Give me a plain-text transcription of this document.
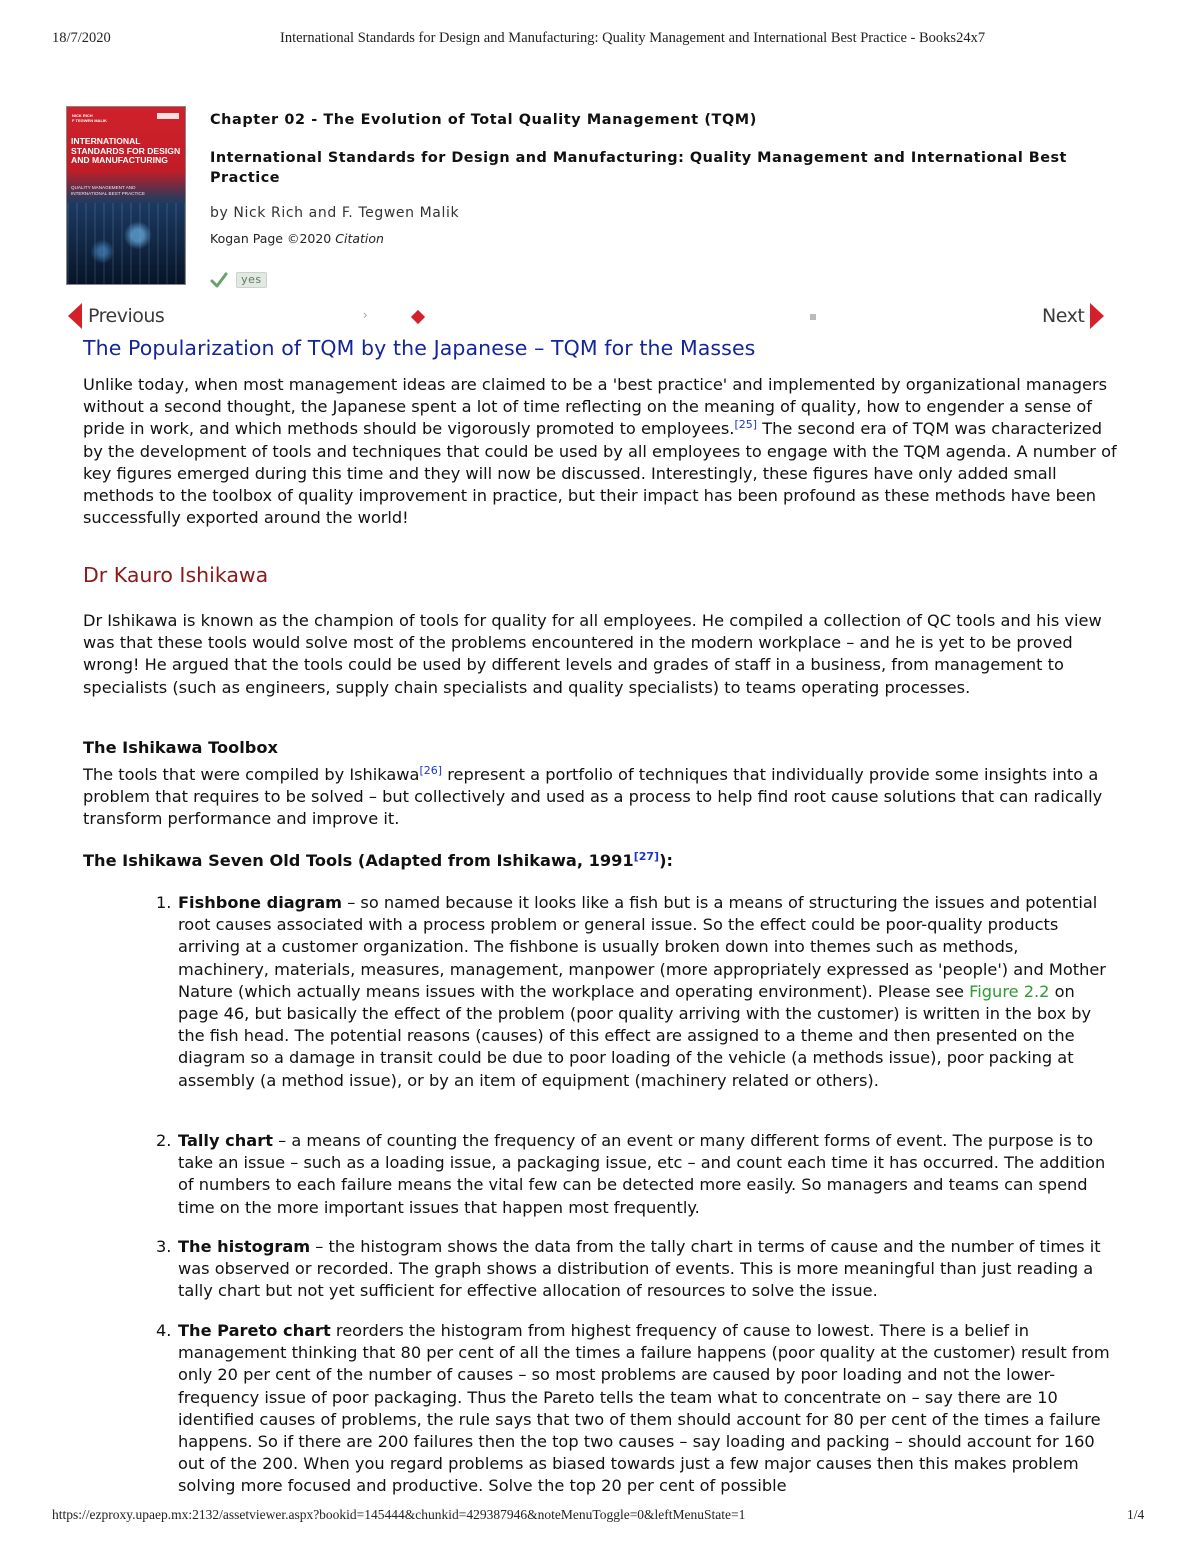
18/7/2020	International Standards for Design and Manufacturing: Quality Management and International Best Practice - Books24x7
NICK RICH
F TEGWEN MALIK
INTERNATIONAL STANDARDS FOR DESIGN AND MANUFACTURING
QUALITY MANAGEMENT AND INTERNATIONAL BEST PRACTICE
Chapter 02 - The Evolution of Total Quality Management (TQM)
International Standards for Design and Manufacturing: Quality Management and International Best Practice
by Nick Rich and F. Tegwen Malik
Kogan Page ©2020 Citation
yes
Previous	›	Next
The Popularization of TQM by the Japanese – TQM for the Masses

Unlike today, when most management ideas are claimed to be a 'best practice' and implemented by organizational managers without a second thought, the Japanese spent a lot of time reflecting on the meaning of quality, how to engender a sense of pride in work, and which methods should be vigorously promoted to employees.[25] The second era of TQM was characterized by the development of tools and techniques that could be used by all employees to engage with the TQM agenda. A number of key figures emerged during this time and they will now be discussed. Interestingly, these figures have only added small methods to the toolbox of quality improvement in practice, but their impact has been profound as these methods have been successfully exported around the world!

Dr Kauro Ishikawa

Dr Ishikawa is known as the champion of tools for quality for all employees. He compiled a collection of QC tools and his view was that these tools would solve most of the problems encountered in the modern workplace – and he is yet to be proved wrong! He argued that the tools could be used by different levels and grades of staff in a business, from management to specialists (such as engineers, supply chain specialists and quality specialists) to teams operating processes.

The Ishikawa Toolbox

The tools that were compiled by Ishikawa[26] represent a portfolio of techniques that individually provide some insights into a problem that requires to be solved – but collectively and used as a process to help find root cause solutions that can radically transform performance and improve it.

The Ishikawa Seven Old Tools (Adapted from Ishikawa, 1991[27]):
1. Fishbone diagram – so named because it looks like a fish but is a means of structuring the issues and potential root causes associated with a process problem or general issue. So the effect could be poor-quality products arriving at a customer organization. The fishbone is usually broken down into themes such as methods, machinery, materials, measures, management, manpower (more appropriately expressed as 'people') and Mother Nature (which actually means issues with the workplace and operating environment). Please see Figure 2.2 on page 46, but basically the effect of the problem (poor quality arriving with the customer) is written in the box by the fish head. The potential reasons (causes) of this effect are assigned to a theme and then presented on the diagram so a damage in transit could be due to poor loading of the vehicle (a methods issue), poor packing at assembly (a method issue), or by an item of equipment (machinery related or others).
2. Tally chart – a means of counting the frequency of an event or many different forms of event. The purpose is to take an issue – such as a loading issue, a packaging issue, etc – and count each time it has occurred. The addition of numbers to each failure means the vital few can be detected more easily. So managers and teams can spend time on the more important issues that happen most frequently.
3. The histogram – the histogram shows the data from the tally chart in terms of cause and the number of times it was observed or recorded. The graph shows a distribution of events. This is more meaningful than just reading a tally chart but not yet sufficient for effective allocation of resources to solve the issue.
4. The Pareto chart reorders the histogram from highest frequency of cause to lowest. There is a belief in management thinking that 80 per cent of all the times a failure happens (poor quality at the customer) result from only 20 per cent of the number of causes – so most problems are caused by poor loading and not the lower-frequency issue of poor packaging. Thus the Pareto tells the team what to concentrate on – say there are 10 identified causes of problems, the rule says that two of them should account for 80 per cent of the times a failure happens. So if there are 200 failures then the top two causes – say loading and packing – should account for 160 out of the 200. When you regard problems as biased towards just a few major causes then this makes problem solving more focused and productive. Solve the top 20 per cent of possible
https://ezproxy.upaep.mx:2132/assetviewer.aspx?bookid=145444&chunkid=429387946&noteMenuToggle=0&leftMenuState=1	1/4
